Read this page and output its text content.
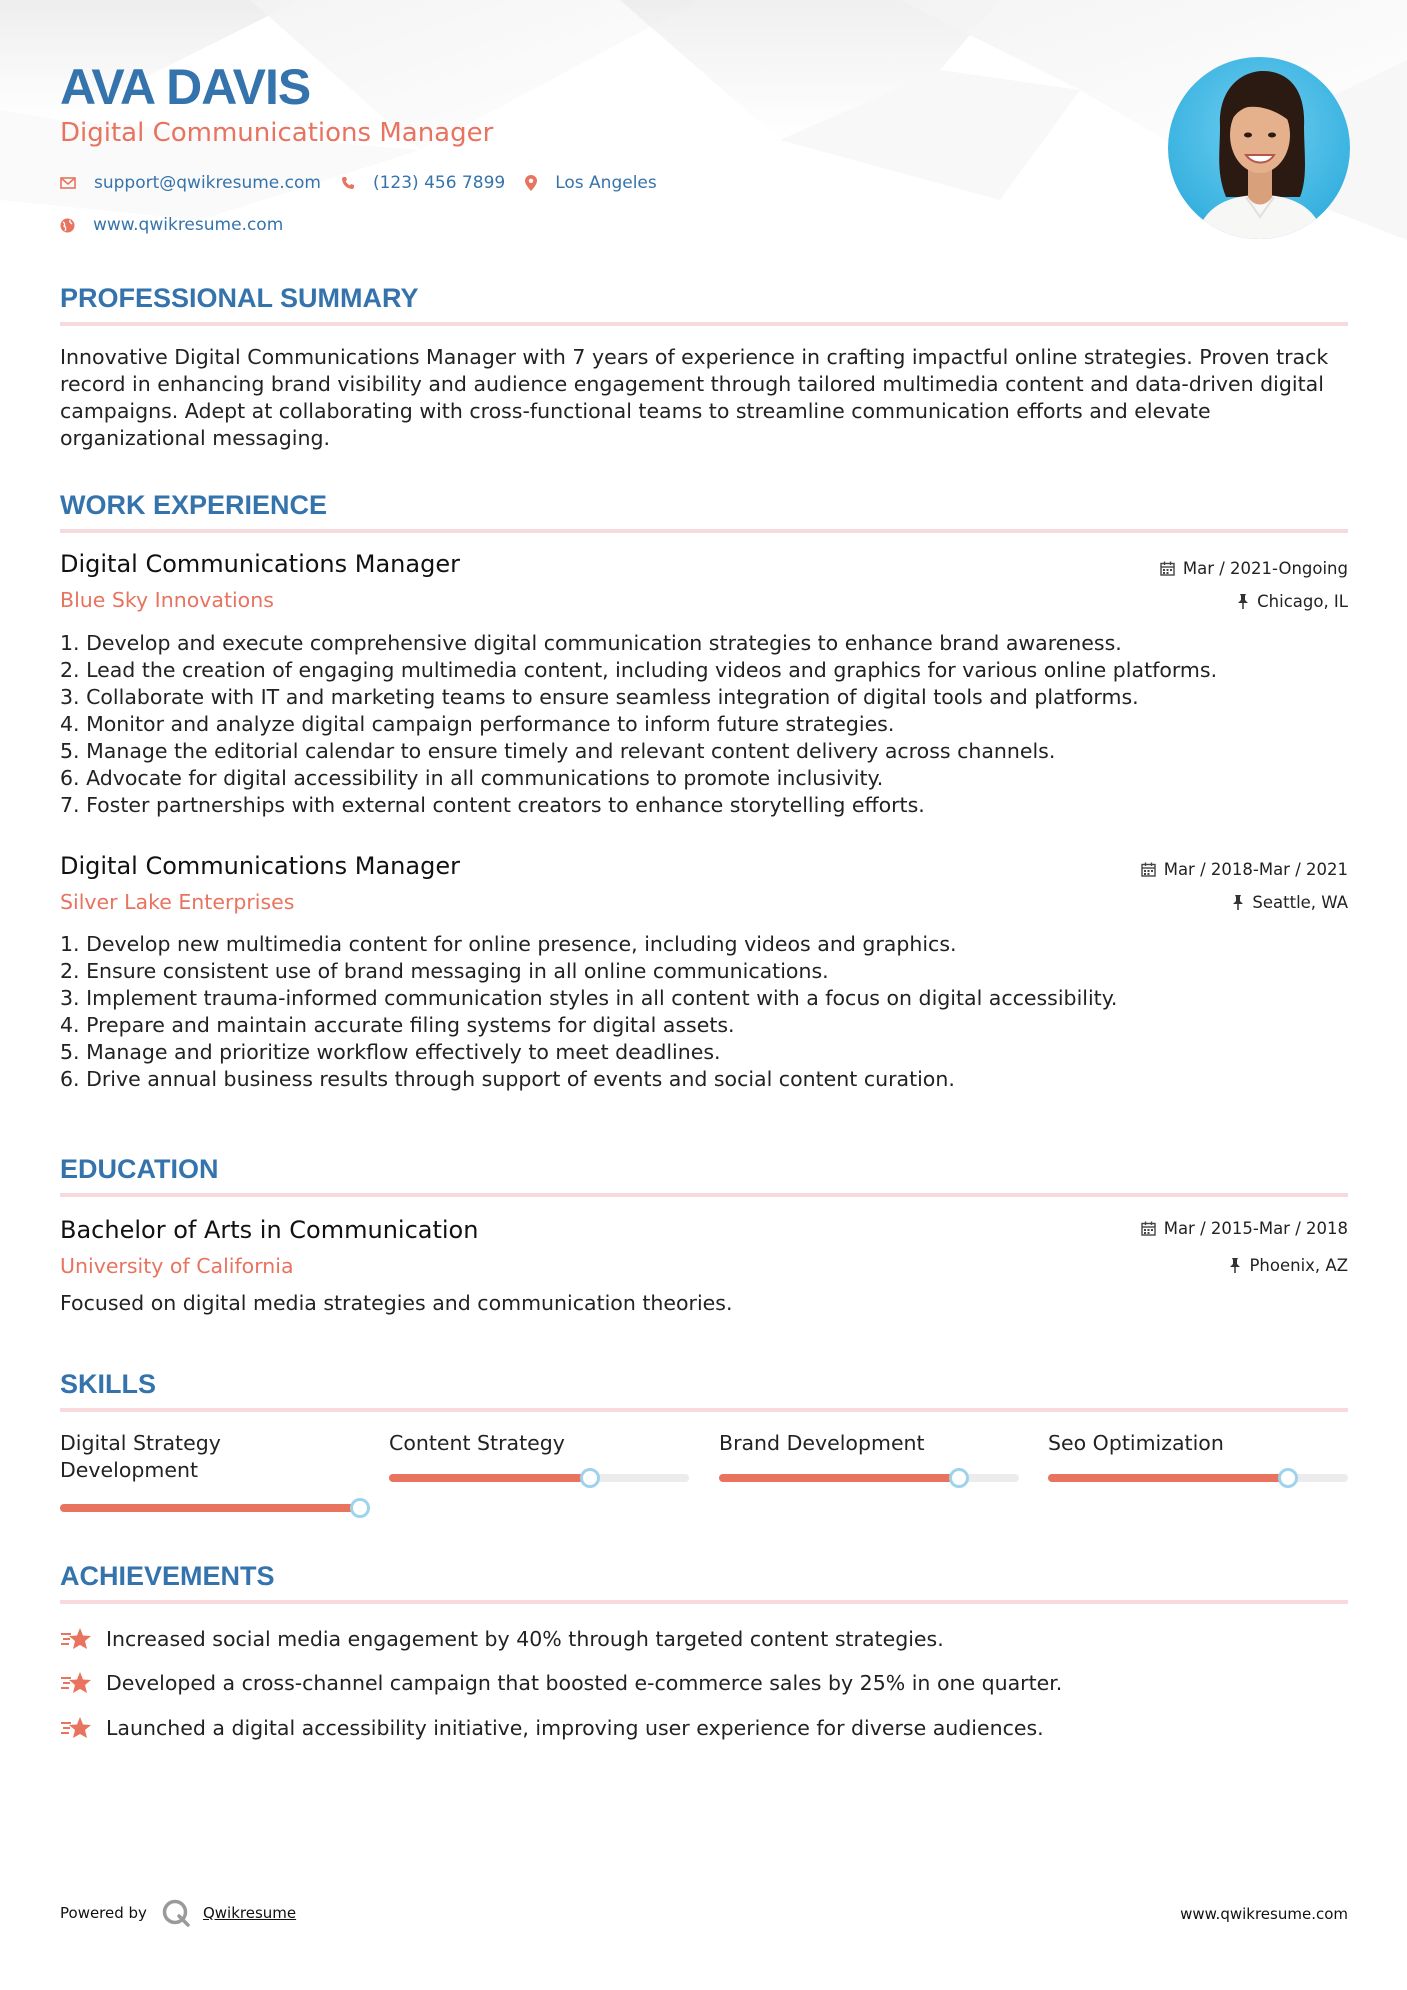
AVA DAVIS
Digital Communications Manager
support@qwikresume.com	(123) 456 7899	Los Angeles
www.qwikresume.com
PROFESSIONAL SUMMARY
Innovative Digital Communications Manager with 7 years of experience in crafting impactful online strategies. Proven track record in enhancing brand visibility and audience engagement through tailored multimedia content and data-driven digital campaigns. Adept at collaborating with cross-functional teams to streamline communication efforts and elevate organizational messaging.
WORK EXPERIENCE
Digital Communications Manager
Blue Sky Innovations
Mar / 2021-Ongoing
Chicago, IL
1. Develop and execute comprehensive digital communication strategies to enhance brand awareness.
2. Lead the creation of engaging multimedia content, including videos and graphics for various online platforms.
3. Collaborate with IT and marketing teams to ensure seamless integration of digital tools and platforms.
4. Monitor and analyze digital campaign performance to inform future strategies.
5. Manage the editorial calendar to ensure timely and relevant content delivery across channels.
6. Advocate for digital accessibility in all communications to promote inclusivity.
7. Foster partnerships with external content creators to enhance storytelling efforts.
Digital Communications Manager
Silver Lake Enterprises
Mar / 2018-Mar / 2021
Seattle, WA
1. Develop new multimedia content for online presence, including videos and graphics.
2. Ensure consistent use of brand messaging in all online communications.
3. Implement trauma-informed communication styles in all content with a focus on digital accessibility.
4. Prepare and maintain accurate filing systems for digital assets.
5. Manage and prioritize workflow effectively to meet deadlines.
6. Drive annual business results through support of events and social content curation.
EDUCATION
Bachelor of Arts in Communication
University of California
Mar / 2015-Mar / 2018
Phoenix, AZ
Focused on digital media strategies and communication theories.
SKILLS
Digital Strategy Development
Content Strategy	Brand Development	Seo Optimization
ACHIEVEMENTS
Increased social media engagement by 40% through targeted content strategies.
Developed a cross-channel campaign that boosted e-commerce sales by 25% in one quarter.
Launched a digital accessibility initiative, improving user experience for diverse audiences.
Powered by	Qwikresume	www.qwikresume.com
